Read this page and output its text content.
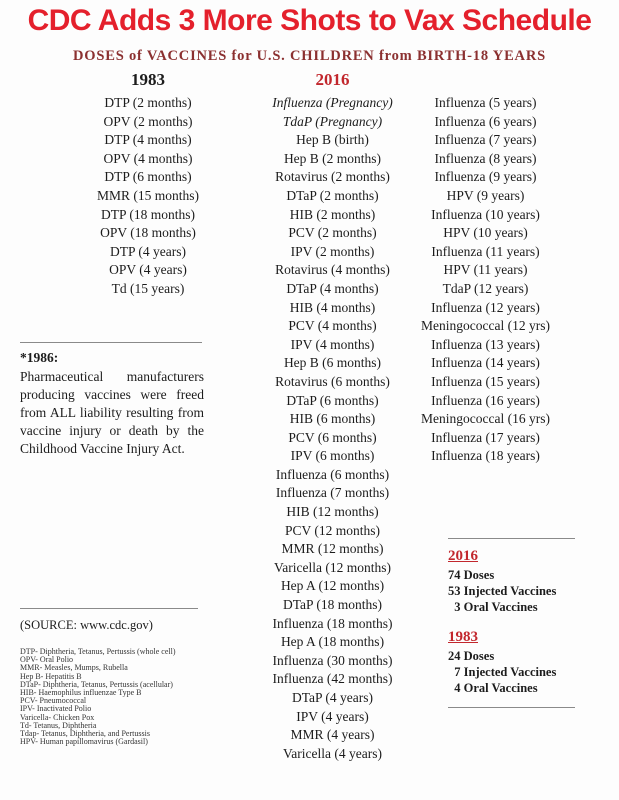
CDC Adds 3 More Shots to Vax Schedule
DOSES of VACCINES for U.S. CHILDREN from BIRTH-18 YEARS
1983
DTP (2 months)
OPV (2 months)
DTP (4 months)
OPV (4 months)
DTP (6 months)
MMR (15 months)
DTP (18 months)
OPV (18 months)
DTP (4 years)
OPV (4 years)
Td (15 years)
2016
Influenza (Pregnancy)
TdaP (Pregnancy)
Hep B (birth)
Hep B (2 months)
Rotavirus (2 months)
DTaP (2 months)
HIB (2 months)
PCV (2 months)
IPV (2 months)
Rotavirus (4 months)
DTaP (4 months)
HIB (4 months)
PCV (4 months)
IPV (4 months)
Hep B (6 months)
Rotavirus (6 months)
DTaP (6 months)
HIB (6 months)
PCV (6 months)
IPV (6 months)
Influenza (6 months)
Influenza (7 months)
HIB (12 months)
PCV (12 months)
MMR (12 months)
Varicella (12 months)
Hep A (12 months)
DTaP (18 months)
Influenza (18 months)
Hep A (18 months)
Influenza (30 months)
Influenza (42 months)
DTaP (4 years)
IPV (4 years)
MMR (4 years)
Varicella (4 years)
Influenza (5 years)
Influenza (6 years)
Influenza (7 years)
Influenza (8 years)
Influenza (9 years)
HPV (9 years)
Influenza (10 years)
HPV (10 years)
Influenza (11 years)
HPV (11 years)
TdaP (12 years)
Influenza (12 years)
Meningococcal (12 yrs)
Influenza (13 years)
Influenza (14 years)
Influenza (15 years)
Influenza (16 years)
Meningococcal (16 yrs)
Influenza (17 years)
Influenza (18 years)
*1986:
Pharmaceutical manufacturers producing vaccines were freed from ALL liability resulting from vaccine injury or death by the Childhood Vaccine Injury Act.
(SOURCE: www.cdc.gov)
DTP- Diphtheria, Tetanus, Pertussis (whole cell)
OPV- Oral Polio
MMR- Measles, Mumps, Rubella
Hep B- Hepatitis B
DTaP- Diphtheria, Tetanus, Pertussis (acellular)
HIB- Haemophilus influenzae Type B
PCV- Pneumococcal
IPV- Inactivated Polio
Varicella- Chicken Pox
Td- Tetanus, Diphtheria
Tdap- Tetanus, Diphtheria, and Pertussis
HPV- Human papillomavirus (Gardasil)
2016
74 Doses
53 Injected Vaccines
3 Oral Vaccines
1983
24 Doses
7 Injected Vaccines
4 Oral Vaccines
